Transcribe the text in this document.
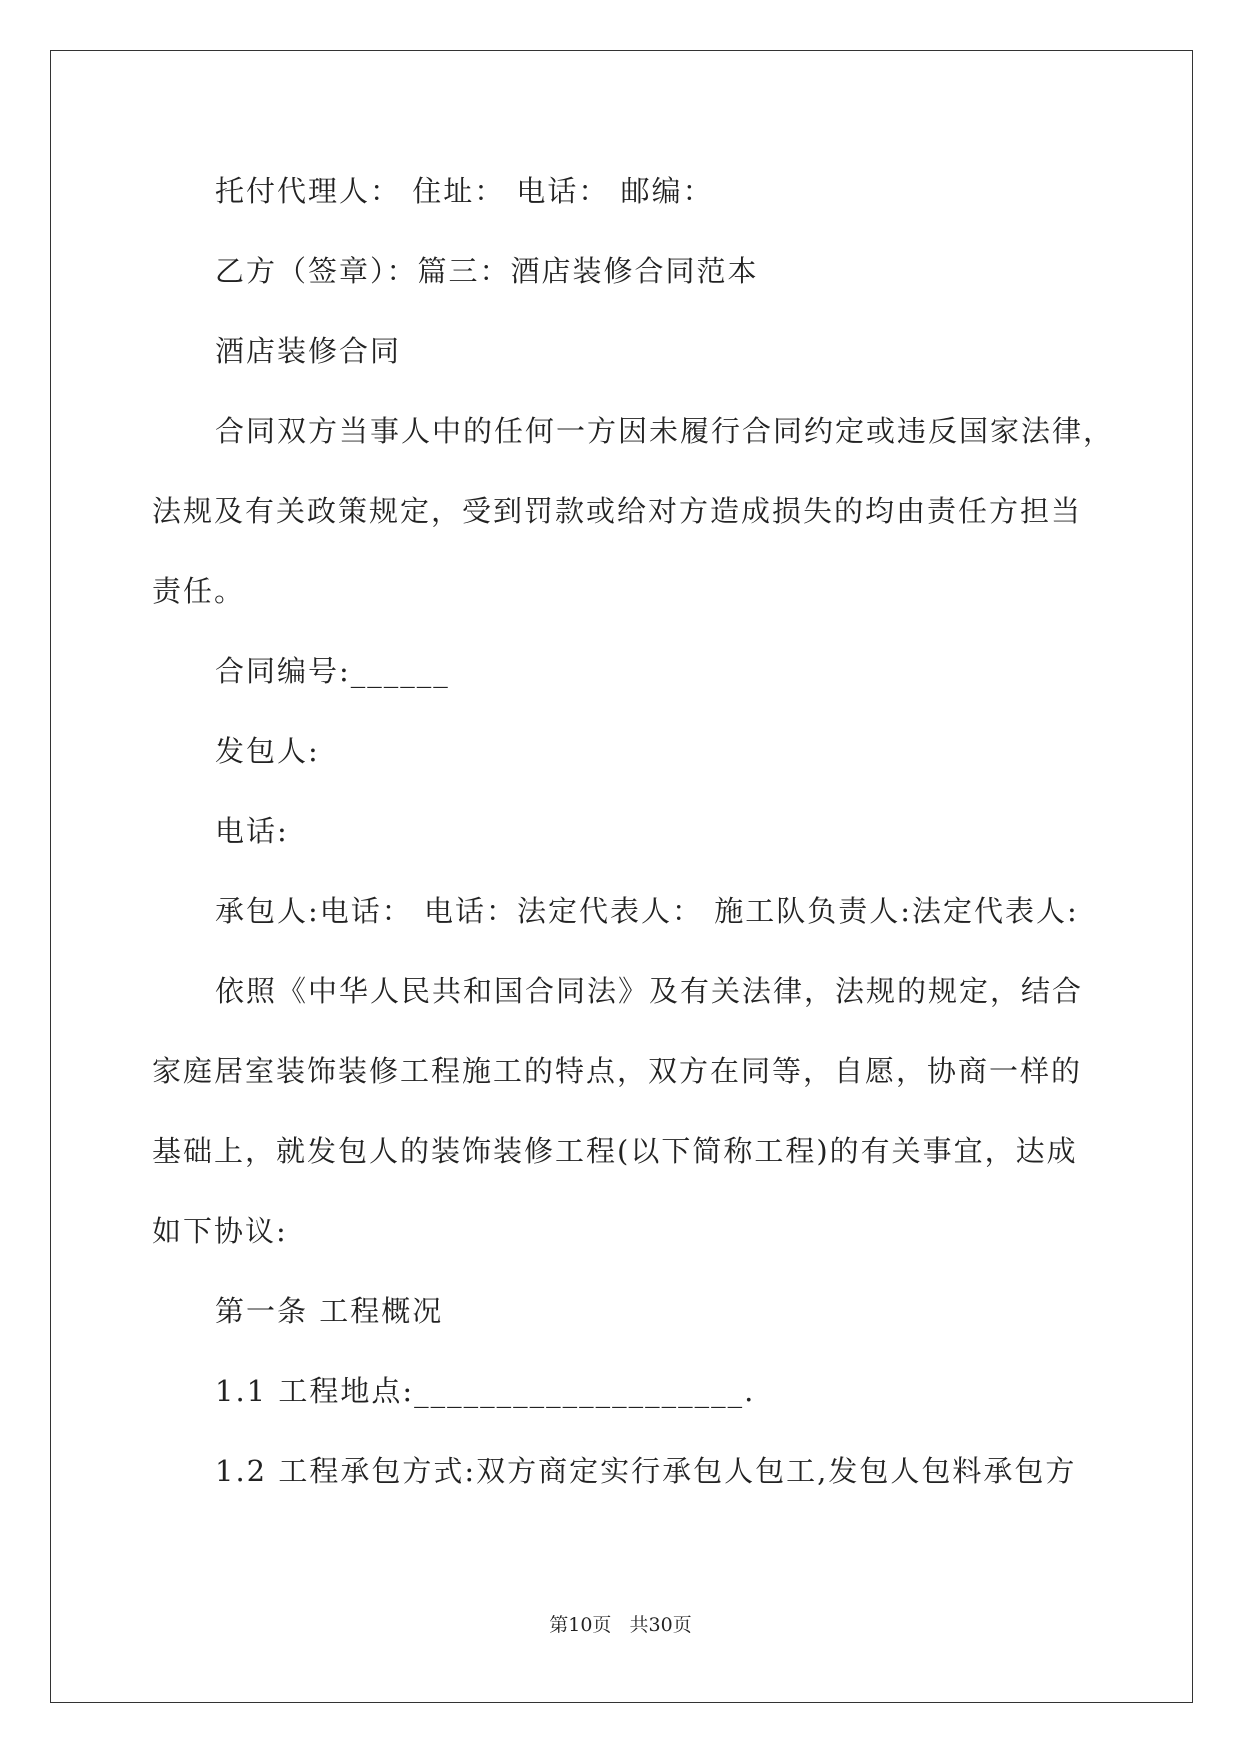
托付代理人： 住址： 电话： 邮编：
乙方（签章）：篇三：酒店装修合同范本
酒店装修合同
合同双方当事人中的任何一方因未履行合同约定或违反国家法律，
法规及有关政策规定，受到罚款或给对方造成损失的均由责任方担当
责任。
合同编号:______
发包人:
电话:
承包人:电话： 电话：法定代表人： 施工队负责人:法定代表人:
依照《中华人民共和国合同法》及有关法律，法规的规定，结合
家庭居室装饰装修工程施工的特点，双方在同等，自愿，协商一样的
基础上，就发包人的装饰装修工程(以下简称工程)的有关事宜，达成
如下协议:
第一条 工程概况
1.1 工程地点:____________________.
1.2 工程承包方式:双方商定实行承包人包工,发包人包料承包方
第10页   共30页
